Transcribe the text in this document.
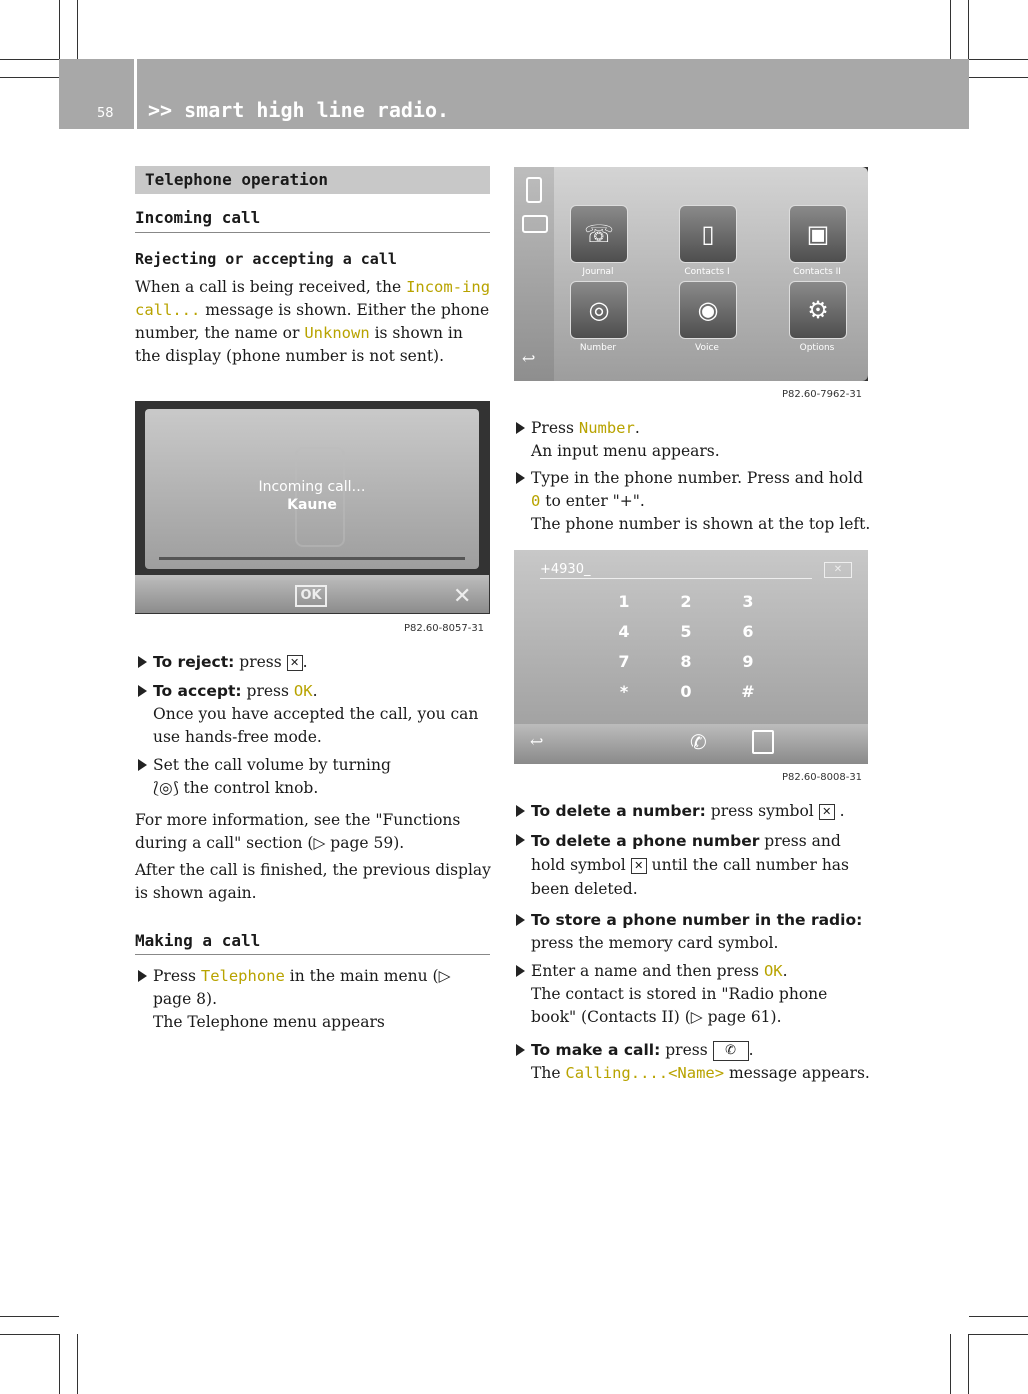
58 >> smart high line radio.
Telephone operation
Incoming call
Rejecting or accepting a call
When a call is being received, the Incom-ing call... message is shown. Either the phone number, the name or Unknown is shown in the display (phone number is not sent).
Incoming call…
Kaune
OK	✕
P82.60-8057-31
To reject: press ✕ .
To accept: press OK.
Once you have accepted the call, you can use hands-free mode.
Set the call volume by turning
⟅◎⟆ the control knob.
For more information, see the "Functions during a call" section (▷ page 59).
After the call is finished, the previous display is shown again.
Making a call
Press Telephone in the main menu (▷ page 8).
The Telephone menu appears
↩
☏
Journal
▯
Contacts I
▣
Contacts II
◎
Number
◉
Voice
⚙
Options
P82.60-7962-31
Press Number.
An input menu appears.
Type in the phone number. Press and hold 0 to enter "+".
The phone number is shown at the top left.
+4930_	✕
1	2	3
4	5	6
7	8	9
*	0	#
↩	✆
P82.60-8008-31
To delete a number: press symbol ✕ .
To delete a phone number press and hold symbol ✕ until the call number has been deleted.
To store a phone number in the radio:
press the memory card symbol.
Enter a name and then press OK.
The contact is stored in "Radio phone book" (Contacts II) (▷ page 61).
To make a call: press ✆ .
The Calling....<Name> message appears.
